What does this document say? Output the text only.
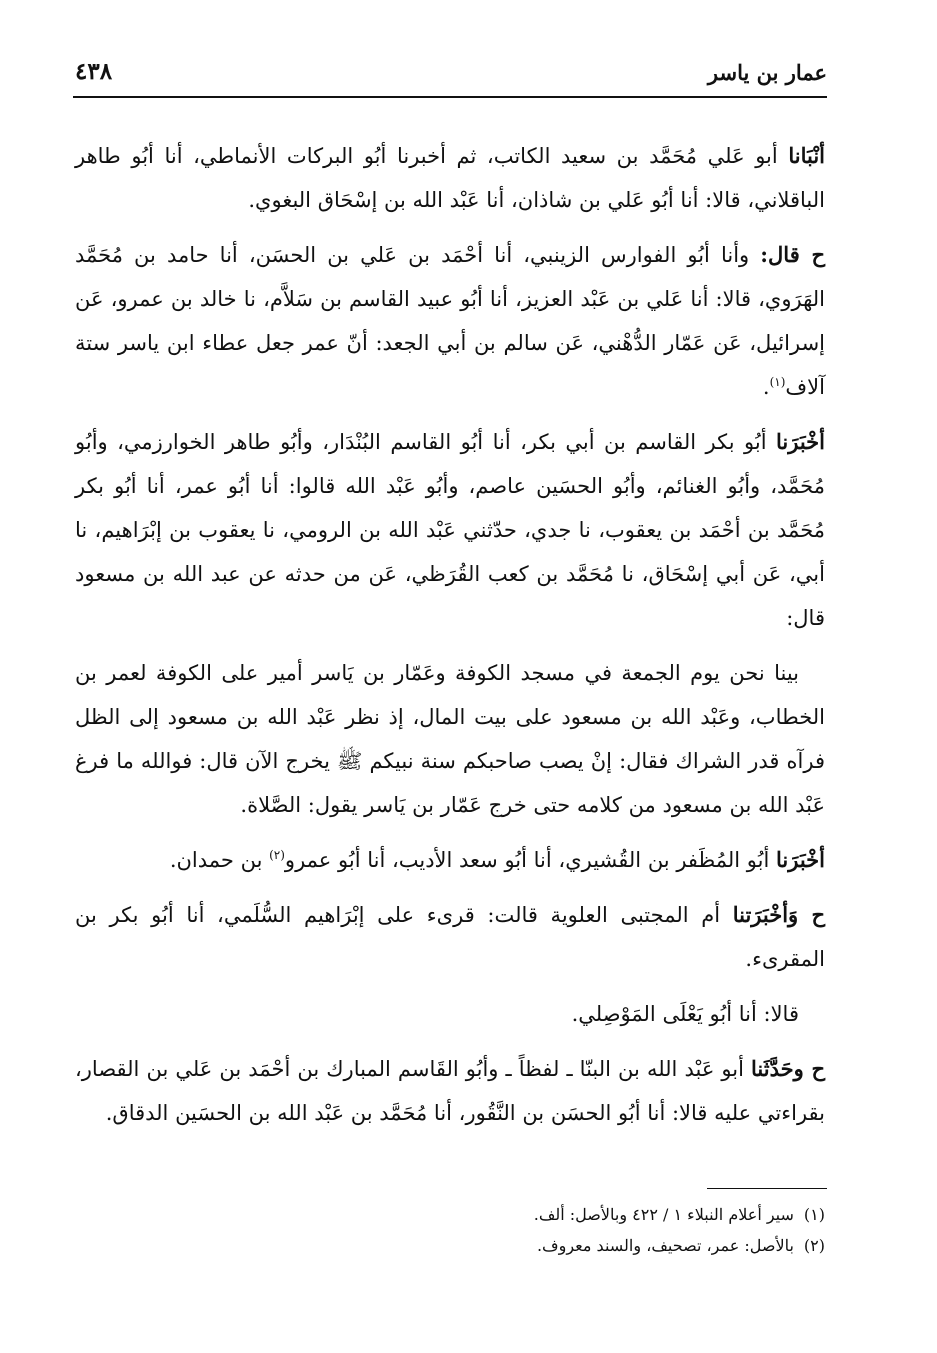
عمار بن ياسر
٤٣٨

أنْبَانا أبو عَلي مُحَمَّد بن سعيد الكاتب، ثم أخبرنا أبُو البركات الأنماطي، أنا أبُو طاهر الباقلاني، قالا: أنا أبُو عَلي بن شاذان، أنا عَبْد الله بن إسْحَاق البغوي.

ح قال: وأنا أبُو الفوارس الزينبي، أنا أحْمَد بن عَلي بن الحسَن، أنا حامد بن مُحَمَّد الهَرَوي، قالا: أنا عَلي بن عَبْد العزيز، أنا أبُو عبيد القاسم بن سَلاَّم، نا خالد بن عمرو، عَن إسرائيل، عَن عَمّار الدُّهْني، عَن سالم بن أبي الجعد: أنّ عمر جعل عطاء ابن ياسر ستة آلاف$^{(١)}$.

أخْبَرَنا أبُو بكر القاسم بن أبي بكر، أنا أبُو القاسم البُنْدَار، وأبُو طاهر الخوارزمي، وأبُو مُحَمَّد، وأبُو الغنائم، وأبُو الحسَين عاصم، وأبُو عَبْد الله قالوا: أنا أبُو عمر، أنا أبُو بكر مُحَمَّد بن أحْمَد بن يعقوب، نا جدي، حدّثني عَبْد الله بن الرومي، نا يعقوب بن إبْرَاهيم، نا أبي، عَن أبي إسْحَاق، نا مُحَمَّد بن كعب القُرَظي، عَن من حدثه عن عبد الله بن مسعود قال:

بينا نحن يوم الجمعة في مسجد الكوفة وعَمّار بن يَاسر أمير على الكوفة لعمر بن الخطاب، وعَبْد الله بن مسعود على بيت المال، إذ نظر عَبْد الله بن مسعود إلى الظل فرآه قدر الشراك فقال: إنْ يصب صاحبكم سنة نبيكم ﷺ يخرج الآن قال: فوالله ما فرغ عَبْد الله بن مسعود من كلامه حتى خرج عَمّار بن يَاسر يقول: الصَّلاة.

أخْبَرَنا أبُو المُظَفر بن القُشيري، أنا أبُو سعد الأديب، أنا أبُو عمرو$^{(٢)}$ بن حمدان.

ح وَأخْبَرَتنا أم المجتبى العلوية قالت: قرىء على إبْرَاهيم السُّلَمي، أنا أبُو بكر بن المقرىء.

قالا: أنا أبُو يَعْلَى المَوْصِلي.

ح وحَدَّثَنا أبو عَبْد الله بن البنّا ـ لفظاً ـ وأبُو القَاسم المبارك بن أحْمَد بن عَلي بن القصار، بقراءتي عليه قالا: أنا أبُو الحسَن بن النَّقُور، أنا مُحَمَّد بن عَبْد الله بن الحسَين الدقاق.

(١)سير أعلام النبلاء ١ / ٤٢٢ وبالأصل: ألف.
(٢)بالأصل: عمر، تصحيف، والسند معروف.
